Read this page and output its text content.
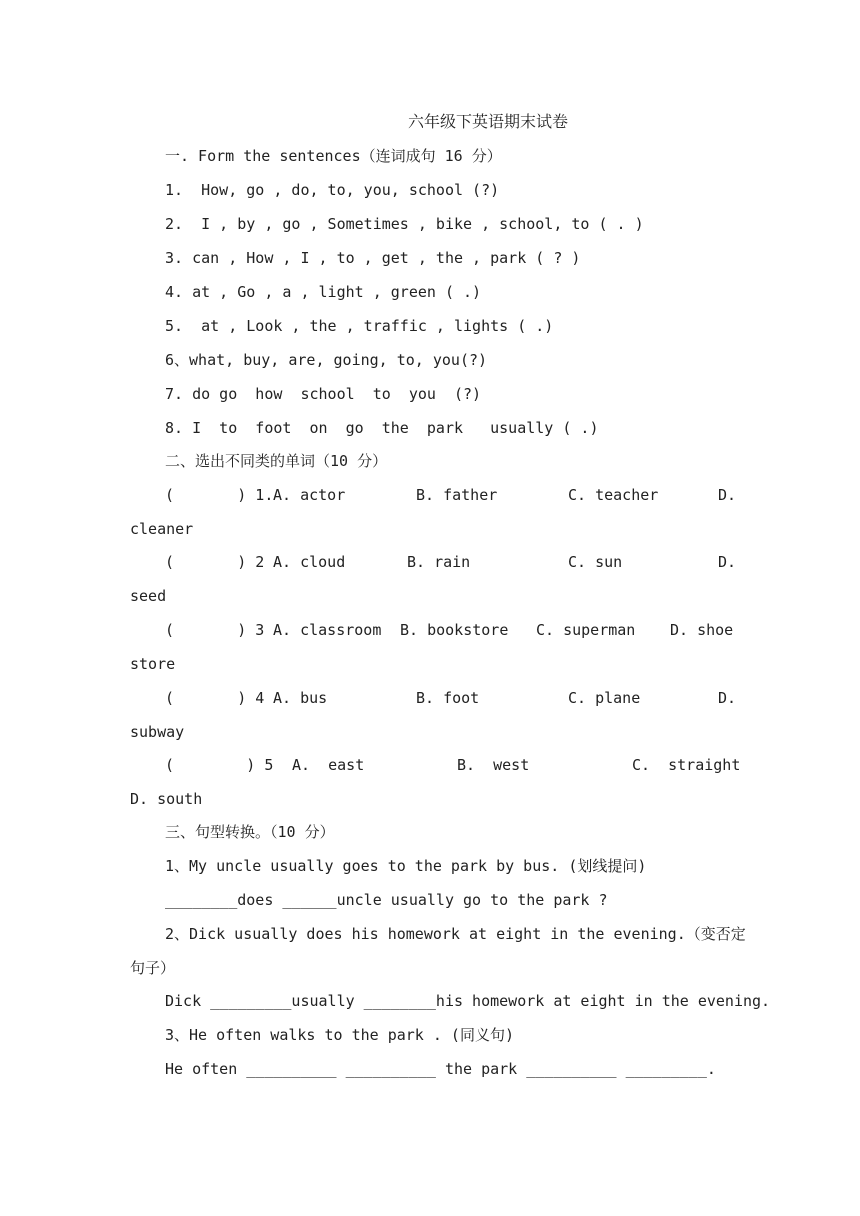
六年级下英语期末试卷
一. Form the sentences（连词成句 16 分）
1.  How, go , do, to, you, school (?)
2.  I , by , go , Sometimes , bike , school, to ( . )
3. can , How , I , to , get , the , park ( ? )
4. at , Go , a , light , green ( .)
5.  at , Look , the , traffic , lights ( .)
6、what, buy, are, going, to, you(?)
7. do go  how  school  to  you  (?)
8. I  to  foot  on  go  the  park   usually ( .)
二、选出不同类的单词（10 分）
(       ) 1. A. actor	B. father	C. teacher	D.
cleaner
(       ) 2 A. cloud	B. rain	C. sun	D.
seed
(       ) 3 A. classroom B. bookstore C. superman D. shoe
store
(       ) 4 A. bus	B. foot	C. plane	D.
subway
(        ) 5 A.  east	B.  west	C.  straight
D. south
三、句型转换。（10 分）
1、My uncle usually goes to the park by bus. (划线提问)
________does ______uncle usually go to the park ?
2、Dick usually does his homework at eight in the evening.（变否定
句子）
Dick _________usually ________his homework at eight in the evening.
3、He often walks to the park . (同义句)
He often __________ __________ the park __________ _________.
